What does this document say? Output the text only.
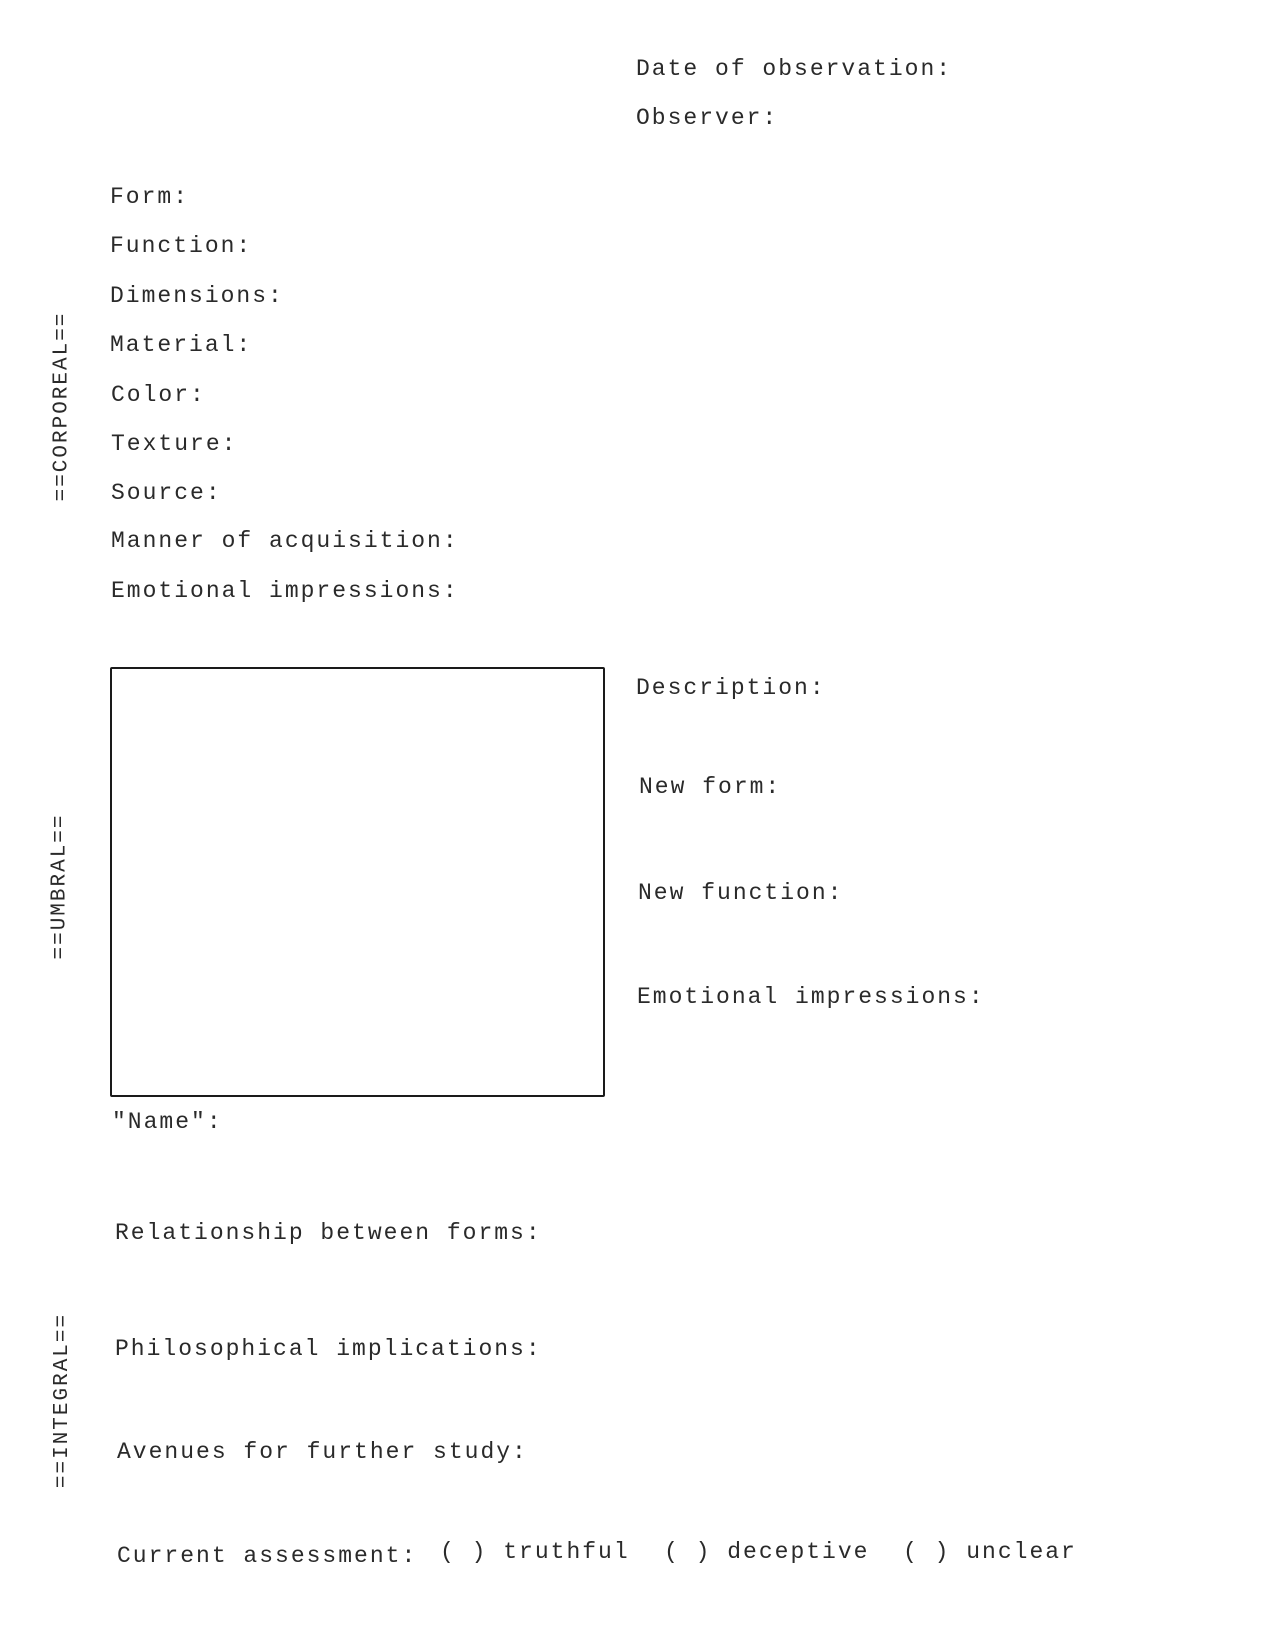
Date of observation:
Observer:
==CORPOREAL==
==UMBRAL==
==INTEGRAL==
Form:
Function:
Dimensions:
Material:
Color:
Texture:
Source:
Manner of acquisition:
Emotional impressions:
Description:
New form:
New function:
Emotional impressions:
"Name":
Relationship between forms:
Philosophical implications:
Avenues for further study:
Current assessment: ( ) truthful ( ) deceptive ( ) unclear
